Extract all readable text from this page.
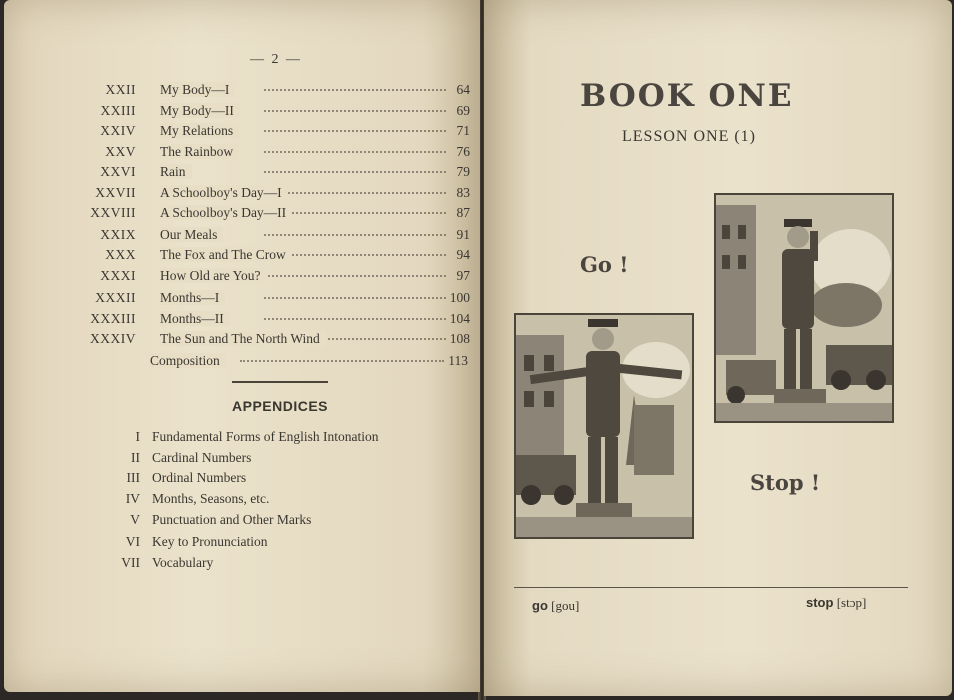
— 2 —
XXII My Body—I	64
XXIII My Body—II	69
XXIV My Relations	71
XXV The Rainbow	76
XXVI Rain	79
XXVII A Schoolboy's Day—I	83
XXVIII A Schoolboy's Day—II	87
XXIX Our Meals	91
XXX The Fox and The Crow	94
XXXI How Old are You?	97
XXXII Months—I	100
XXXIII Months—II	104
XXXIV The Sun and The North Wind	108
Composition	113
APPENDICES
I Fundamental Forms of English Intonation
II Cardinal Numbers
III Ordinal Numbers
IV Months, Seasons, etc.
V Punctuation and Other Marks
VI Key to Pronunciation
VII Vocabulary
BOOK ONE
LESSON ONE (1)
Go !
Stop !
go [gou]	stop [stɔp]
